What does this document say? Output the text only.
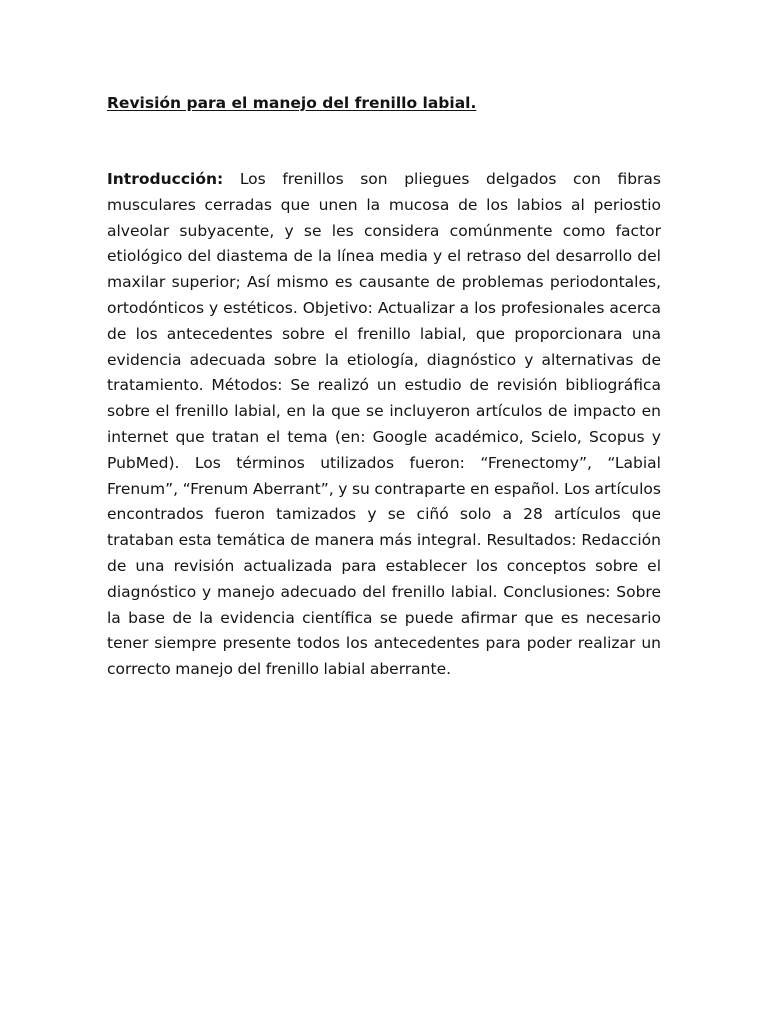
Revisión para el manejo del frenillo labial.

Introducción: Los frenillos son pliegues delgados con fibras musculares cerradas que unen la mucosa de los labios al periostio alveolar subyacente, y se les considera comúnmente como factor etiológico del diastema de la línea media y el retraso del desarrollo del maxilar superior; Así mismo es causante de problemas periodontales, ortodónticos y estéticos. Objetivo: Actualizar a los profesionales acerca de los antecedentes sobre el frenillo labial, que proporcionara una evidencia adecuada sobre la etiología, diagnóstico y alternativas de tratamiento. Métodos: Se realizó un estudio de revisión bibliográfica sobre el frenillo labial, en la que se incluyeron artículos de impacto en internet que tratan el tema (en: Google académico, Scielo, Scopus y PubMed). Los términos utilizados fueron: “Frenectomy”, “Labial Frenum”, “Frenum Aberrant”, y su contraparte en español. Los artículos encontrados fueron tamizados y se ciñó solo a 28 artículos que trataban esta temática de manera más integral. Resultados: Redacción de una revisión actualizada para establecer los conceptos sobre el diagnóstico y manejo adecuado del frenillo labial. Conclusiones: Sobre la base de la evidencia científica se puede afirmar que es necesario tener siempre presente todos los antecedentes para poder realizar un correcto manejo del frenillo labial aberrante.
